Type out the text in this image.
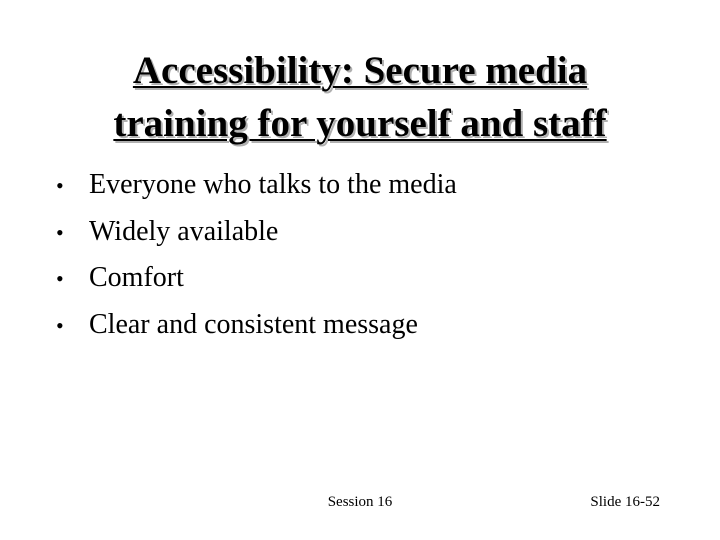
Accessibility: Secure media
training for yourself and staff
• Everyone who talks to the media
• Widely available
• Comfort
• Clear and consistent message
Session 16	Slide 16-52
